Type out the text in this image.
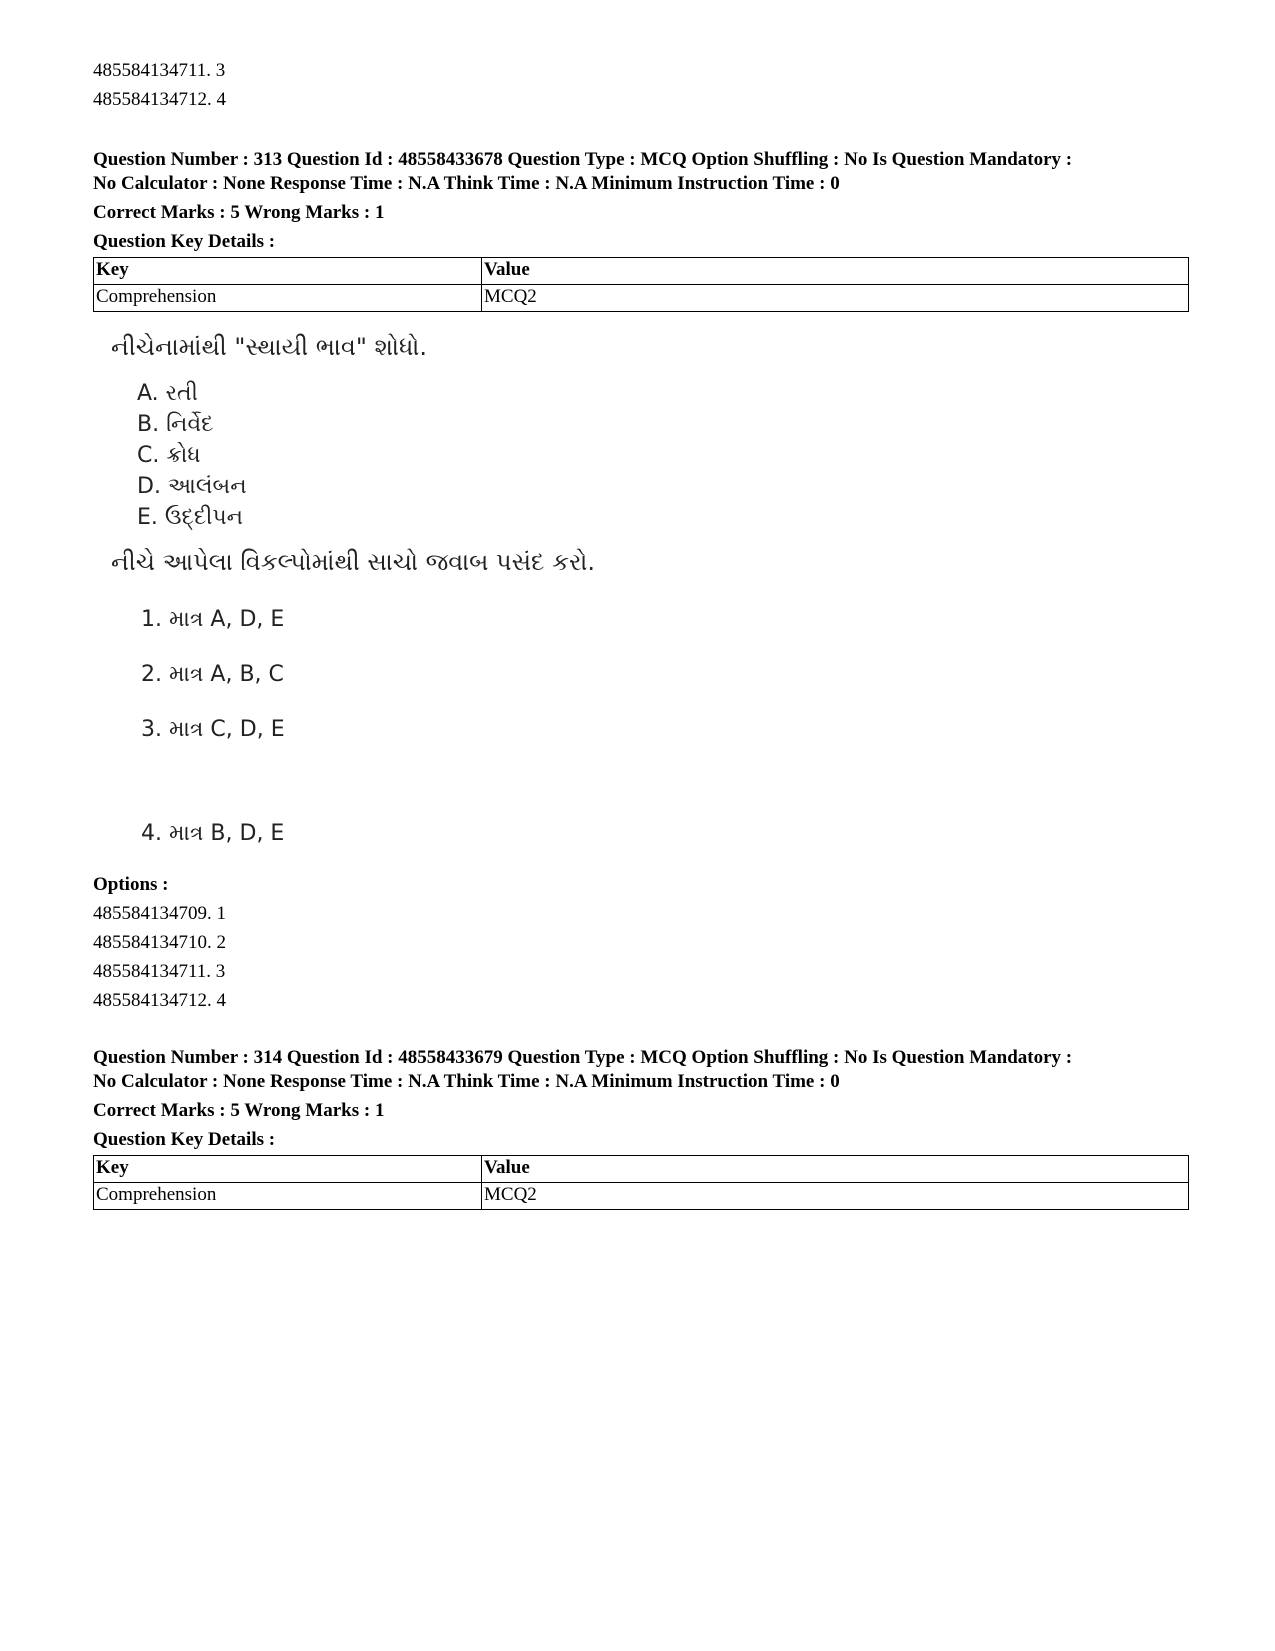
485584134711. 3
485584134712. 4
Question Number : 313 Question Id : 48558433678 Question Type : MCQ Option Shuffling : No Is Question Mandatory :
No Calculator : None Response Time : N.A Think Time : N.A Minimum Instruction Time : 0
Correct Marks : 5 Wrong Marks : 1
Question Key Details :
Key	Value
Comprehension	MCQ2
નીચેનામાંથી "સ્થાયી ભાવ" શોધો.
A. રતી
B. નિર્વેદ
C. ક્રોધ
D. આલંબન
E. ઉદ્દીપન
નીચે આપેલા વિકલ્પોમાંથી સાચો જવાબ પસંદ કરો.
1. માત્ર A, D, E
2. માત્ર A, B, C
3. માત્ર C, D, E
4. માત્ર B, D, E
Options :
485584134709. 1
485584134710. 2
485584134711. 3
485584134712. 4
Question Number : 314 Question Id : 48558433679 Question Type : MCQ Option Shuffling : No Is Question Mandatory :
No Calculator : None Response Time : N.A Think Time : N.A Minimum Instruction Time : 0
Correct Marks : 5 Wrong Marks : 1
Question Key Details :
Key	Value
Comprehension	MCQ2
